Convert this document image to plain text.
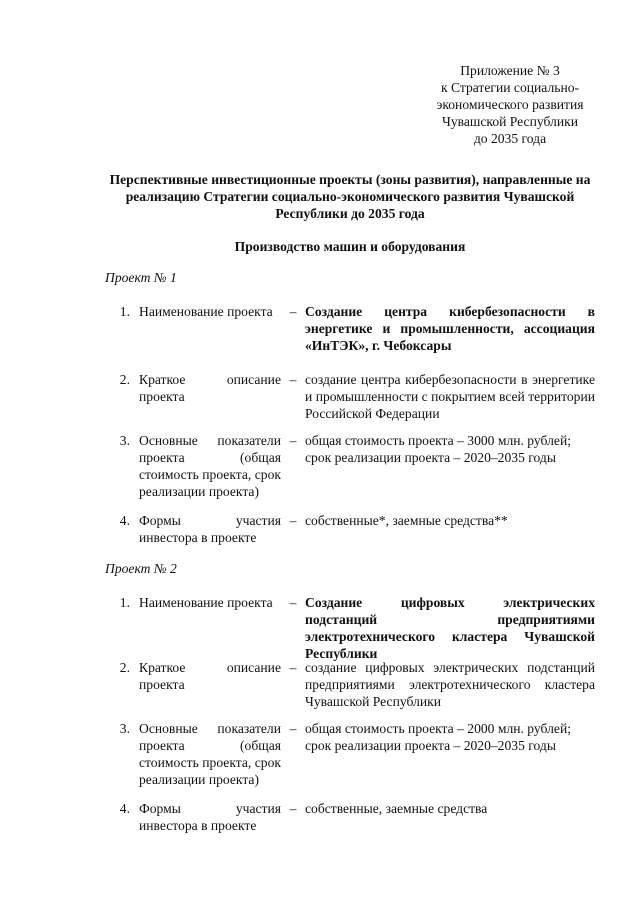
Приложение № 3
к Стратегии социально-
экономического развития
Чувашской Республики
до 2035 года
Перспективные инвестиционные проекты (зоны развития), направленные на реализацию Стратегии социально-экономического развития Чувашской Республики до 2035 года
Производство машин и оборудования
Проект № 1
1. Наименование проекта	– Создание центра кибербезопасности в энергетике и промышленности, ассоциация «ИнТЭК», г. Чебоксары
2. Краткое описание проекта
– создание центра кибербезопасности в энергетике и промышленности с покрытием всей территории Российской Федерации
3. Основные показатели проекта (общая стоимость проекта, срок реализации проекта)
– общая стоимость проекта – 3000 млн. рублей;
срок реализации проекта – 2020–2035 годы
4. Формы участия инвестора в проекте
– собственные*, заемные средства**
Проект № 2
1. Наименование проекта	– Создание цифровых электрических подстанций предприятиями электротехнического кластера Чувашской Республики
2. Краткое описание проекта
– создание цифровых электрических подстанций предприятиями электротехнического кластера Чувашской Республики
3. Основные показатели проекта (общая стоимость проекта, срок реализации проекта)
– общая стоимость проекта – 2000 млн. рублей;
срок реализации проекта – 2020–2035 годы
4. Формы участия инвестора в проекте
– собственные, заемные средства
